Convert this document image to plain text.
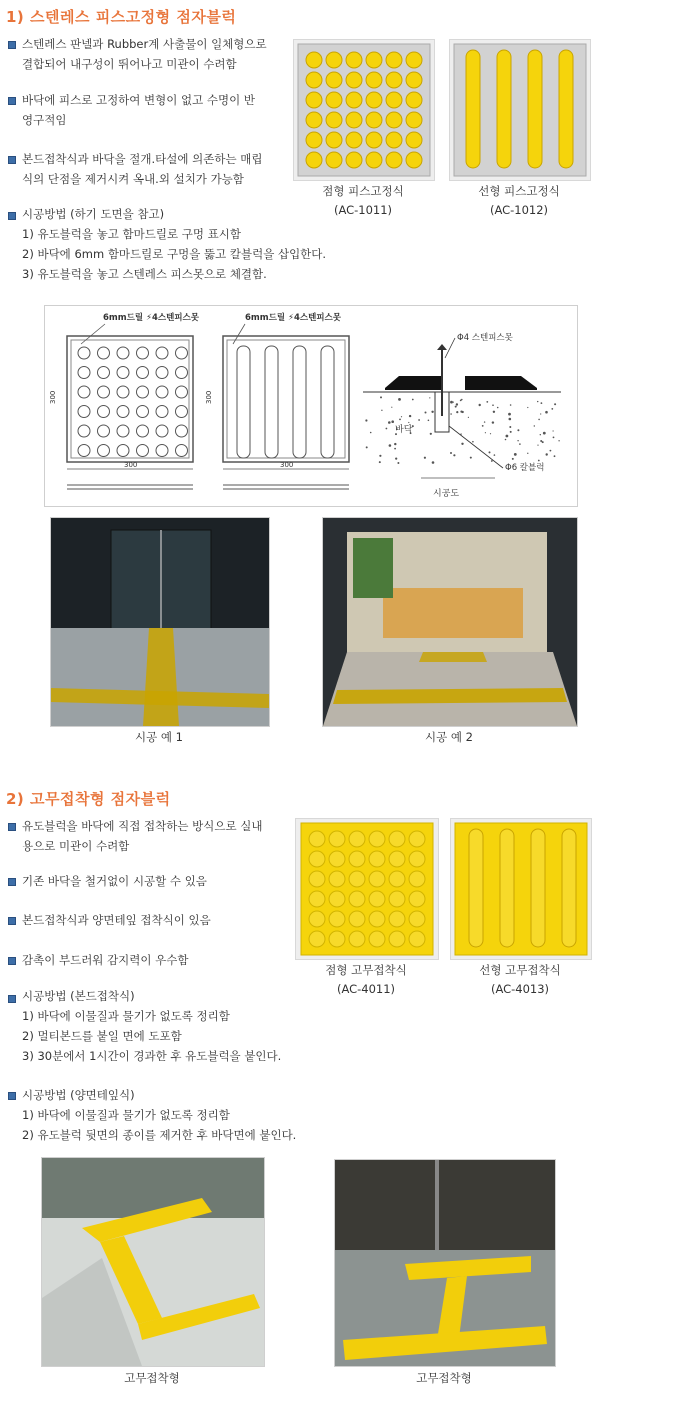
1) 스텐레스 피스고정형 점자블럭
스텐레스 판넬과 Rubber계 사출물이 일체형으로
결합되어 내구성이 뛰어나고 미관이 수려함
바닥에 피스로 고정하여 변형이 없고 수명이 반
영구적임
본드접착식과 바닥을 절개.타설에 의존하는 매립
식의 단점을 제거시켜 옥내.외 설치가 가능함
시공방법 (하기 도면을 참고)
1) 유도블럭을 놓고 함마드릴로 구멍 표시함
2) 바닥에 6mm 함마드릴로 구멍을 뚫고 칼블럭을 삽입한다.
3) 유도블럭을 놓고 스텐레스 피스못으로 체결함.
점형 피스고정식
(AC-1011)
선형 피스고정식
(AC-1012)
6mm드릴 ⚡4스텐피스못	6mm드릴 ⚡4스텐피스못
300	300
300	300
Φ4 스텐피스못
바닥
Φ6 칼블럭
시공도
시공 예 1	시공 예 2
2) 고무접착형 점자블럭
유도블럭을 바닥에 직접 접착하는 방식으로 실내
용으로 미관이 수려함
기존 바닥을 철거없이 시공할 수 있음
본드접착식과 양면테잎 접착식이 있음
감촉이 부드러워 감지력이 우수함
시공방법 (본드접착식)
1) 바닥에 이물질과 물기가 없도록 정리함
2) 멀티본드를 붙일 면에 도포함
3) 30분에서 1시간이 경과한 후 유도블럭을 붙인다.
시공방법 (양면테잎식)
1) 바닥에 이물질과 물기가 없도록 정리함
2) 유도블럭 뒷면의 종이를 제거한 후 바닥면에 붙인다.
점형 고무접착식
(AC-4011)
선형 고무접착식
(AC-4013)
고무접착형	고무접착형
